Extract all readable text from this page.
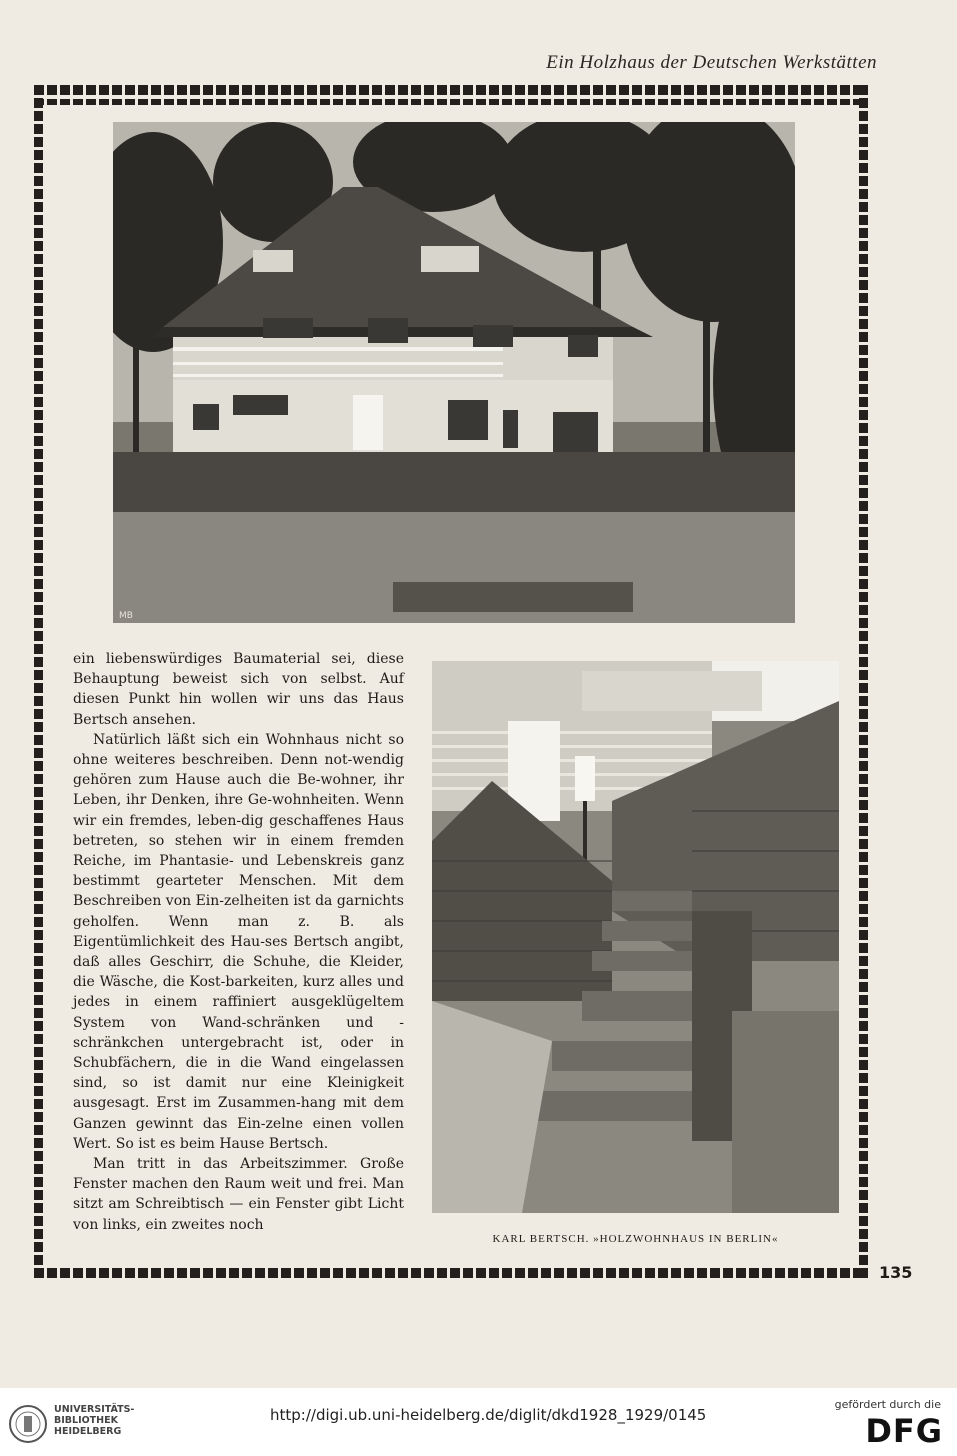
Ein Holzhaus der Deutschen Werkstätten
135
MB

ein liebenswürdiges Baumaterial sei, diese Behauptung beweist sich von selbst. Auf diesen Punkt hin wollen wir uns das Haus Bertsch ansehen.

Natürlich läßt sich ein Wohnhaus nicht so ohne weiteres beschreiben. Denn not-wendig gehören zum Hause auch die Be-wohner, ihr Leben, ihr Denken, ihre Ge-wohnheiten. Wenn wir ein fremdes, leben-dig geschaffenes Haus betreten, so stehen wir in einem fremden Reiche, im Phantasie- und Lebenskreis ganz bestimmt gearteter Menschen. Mit dem Beschreiben von Ein-zelheiten ist da garnichts geholfen. Wenn man z. B. als Eigentümlichkeit des Hau-ses Bertsch angibt, daß alles Geschirr, die Schuhe, die Kleider, die Wäsche, die Kost-barkeiten, kurz alles und jedes in einem raffiniert ausgeklügeltem System von Wand-schränken und -schränkchen untergebracht ist, oder in Schubfächern, die in die Wand eingelassen sind, so ist damit nur eine Kleinigkeit ausgesagt. Erst im Zusammen-hang mit dem Ganzen gewinnt das Ein-zelne einen vollen Wert. So ist es beim Hause Bertsch.

Man tritt in das Arbeitszimmer. Große Fenster machen den Raum weit und frei. Man sitzt am Schreibtisch — ein Fenster gibt Licht von links, ein zweites noch

KARL BERTSCH. »HOLZWOHNHAUS IN BERLIN«
UNIVERSITÄTS-
BIBLIOTHEK
HEIDELBERG
http://digi.ub.uni-heidelberg.de/diglit/dkd1928_1929/0145
gefördert durch die
DFG
